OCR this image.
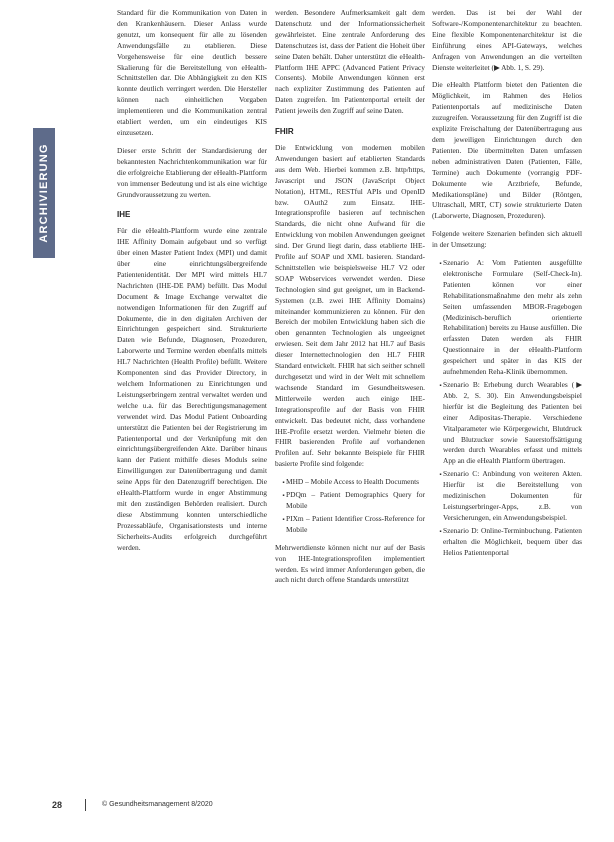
ARCHIVIERUNG

Standard für die Kommunikation von Daten in den Krankenhäusern. Dieser Anlass wurde genutzt, um konsequent für alle zu lösenden Anwendungsfälle zu etablieren. Diese Vorgehensweise für eine deutlich bessere Skalierung für die Bereitstellung von eHealth-Schnittstellen dar. Die Abhängigkeit zu den KIS konnte deutlich verringert werden. Die Hersteller können nach einheitlichen Vorgaben implementieren und die Kommunikation zentral etabliert werden, um ein eindeutiges KIS einzusetzen.

Dieser erste Schritt der Standardisierung der bekanntesten Nachrichtenkommunikation war für die erfolgreiche Etablierung der eHealth-Plattform von immenser Bedeutung und ist als eine wichtige Grundvoraussetzung zu werten.

IHE

Für die eHealth-Plattform wurde eine zentrale IHE Affinity Domain aufgebaut und so verfügt über einen Master Patient Index (MPI) und damit über eine einrichtungsübergreifende Patientenidentität. Der MPI wird mittels HL7 Nachrichten (IHE-DE PAM) befüllt. Das Modul Document & Image Exchange verwaltet die notwendigen Informationen für den Zugriff auf Dokumente, die in den digitalen Archiven der Einrichtungen gespeichert sind. Strukturierte Daten wie Befunde, Diagnosen, Prozeduren, Laborwerte und Termine werden ebenfalls mittels HL7 Nachrichten (Health Profile) befüllt. Weitere Komponenten sind das Provider Directory, in welchem Informationen zu Einrichtungen und Leistungserbringern zentral verwaltet werden und welche u.a. für das Berechtigungsmanagement verwendet wird. Das Modul Patient Onboarding unterstützt die Patienten bei der Registrierung im Patientenportal und der Verknüpfung mit den einrichtungsübergreifenden Akte. Darüber hinaus kann der Patient mithilfe dieses Moduls seine Einwilligungen zur Datenübertragung und damit seine Apps für den Datenzugriff berechtigen. Die eHealth-Plattform wurde in enger Abstimmung mit den zuständigen Behörden realisiert. Durch diese Abstimmung konnten unterschiedliche Prozessabläufe, Organisationstests und interne Sicherheits-Audits erfolgreich durchgeführt werden.

werden. Besondere Aufmerksamkeit galt dem Datenschutz und der Informationssicherheit gewährleistet. Eine zentrale Anforderung des Datenschutzes ist, dass der Patient die Hoheit über seine Daten behält. Daher unterstützt die eHealth-Plattform IHE APPC (Advanced Patient Privacy Consents). Mobile Anwendungen können erst nach expliziter Zustimmung des Patienten auf Daten zugreifen. Im Patientenportal erteilt der Patient jeweils den Zugriff auf seine Daten.

FHIR

Die Entwicklung von modernen mobilen Anwendungen basiert auf etablierten Standards aus dem Web. Hierbei kommen z.B. http/https, Javascript und JSON (JavaScript Object Notation), HTML, RESTful APIs und OpenID bzw. OAuth2 zum Einsatz. IHE-Integrationsprofile basieren auf technischen Standards, die nicht ohne Aufwand für die Entwicklung von mobilen Anwendungen geeignet sind. Der Grund liegt darin, dass etablierte IHE-Profile auf SOAP und XML basieren. Standard-Schnittstellen wie beispielsweise HL7 V2 oder SOAP Webservices verwendet werden. Diese Technologien sind gut geeignet, um in Backend-Systemen (z.B. zwei IHE Affinity Domains) miteinander kommunizieren zu können. Für den Bereich der mobilen Entwicklung haben sich die oben genannten Technologien als ungeeignet erwiesen. Seit dem Jahr 2012 hat HL7 auf Basis dieser Internettechnologien den HL7 FHIR Standard entwickelt. FHIR hat sich seither schnell durchgesetzt und wird in der Welt mit schnellem wachsende Standard im Gesundheitswesen. Mittlerweile werden auch einige IHE-Integrationsprofile auf der Basis von FHIR entwickelt. Das bedeutet nicht, dass vorhandene IHE-Profile ersetzt werden. Vielmehr bieten die FHIR basierenden Profile auf vorhandenen Profilen auf. Sehr bekannte Beispiele für FHIR basierte Profile sind folgende:

• MHD – Mobile Access to Health Documents
• PDQm – Patient Demographics Query for Mobile
• PIXm – Patient Identifier Cross-Reference for Mobile

Mehrwertdienste können nicht nur auf der Basis von IHE-Integrationsprofilen implementiert werden. Es wird immer Anforderungen geben, die auch nicht durch offene Standards unterstützt

werden. Das ist bei der Wahl der Software-/Komponentenarchitektur zu beachten. Eine flexible Komponentenarchitektur ist die Einführung eines API-Gateways, welches Anfragen von Anwendungen an die verteilten Dienste weiterleitet (▶ Abb. 1, S. 29).

Die eHealth Plattform bietet den Patienten die Möglichkeit, im Rahmen des Helios Patientenportals auf medizinische Daten zuzugreifen. Voraussetzung für den Zugriff ist die explizite Freischaltung der Datenübertragung aus dem jeweiligen Einrichtungen durch den Patienten. Die übermittelten Daten umfassen neben administrativen Daten (Patienten, Fälle, Termine) auch Dokumente (vorrangig PDF-Dokumente wie Arztbriefe, Befunde, Medikationspläne) und Bilder (Röntgen, Ultraschall, MRT, CT) sowie strukturierte Daten (Laborwerte, Diagnosen, Prozeduren).

Folgende weitere Szenarien befinden sich aktuell in der Umsetzung:

• Szenario A: Vom Patienten ausgefüllte elektronische Formulare (Self-Check-In). Patienten können vor einer Rehabilitationsmaßnahme den mehr als zehn Seiten umfassenden MBOR-Fragebogen (Medizinisch-beruflich orientierte Rehabilitation) bereits zu Hause ausfüllen. Die erfassten Daten werden als FHIR Questionnaire in der eHealth-Plattform gespeichert und später in das KIS der aufnehmenden Reha-Klinik übernommen.
• Szenario B: Erhebung durch Wearables (▶ Abb. 2, S. 30). Ein Anwendungsbeispiel hierfür ist die Begleitung des Patienten bei einer Adipositas-Therapie. Verschiedene Vitalparameter wie Körpergewicht, Blutdruck und Blutzucker sowie Sauerstoffsättigung werden durch Wearables erfasst und mittels App an die eHealth Plattform übertragen.
• Szenario C: Anbindung von weiteren Akten. Hierfür ist die Bereitstellung von medizinischen Dokumenten für Leistungserbringer-Apps, z.B. von Versicherungen, ein Anwendungsbeispiel.
• Szenario D: Online-Terminbuchung. Patienten erhalten die Möglichkeit, bequem über das Helios Patientenportal
28	© Gesundheitsmanagement 8/2020
